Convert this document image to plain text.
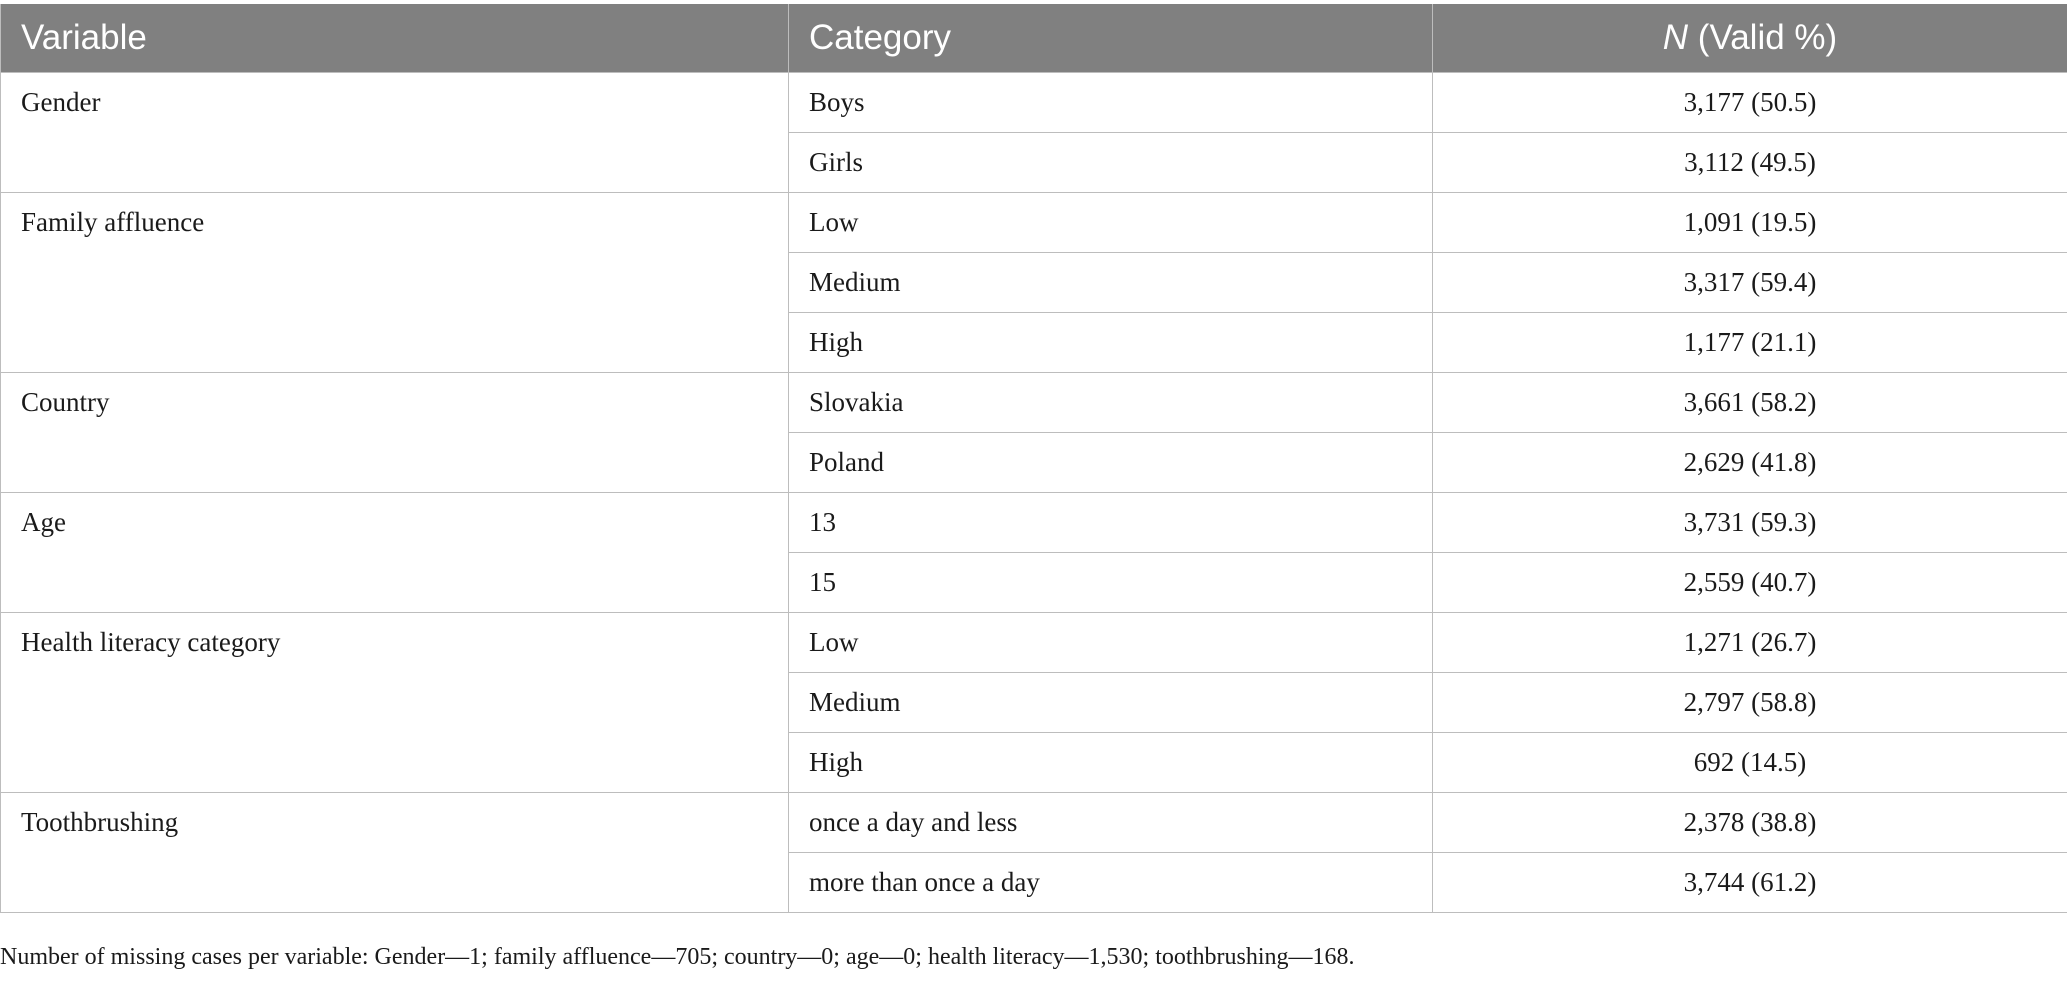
Variable	Category	N (Valid %)
Gender	Boys	3,177 (50.5)
	Girls	3,112 (49.5)
Family affluence	Low	1,091 (19.5)
	Medium	3,317 (59.4)
	High	1,177 (21.1)
Country	Slovakia	3,661 (58.2)
	Poland	2,629 (41.8)
Age	13	3,731 (59.3)
	15	2,559 (40.7)
Health literacy category	Low	1,271 (26.7)
	Medium	2,797 (58.8)
	High	692 (14.5)
Toothbrushing	once a day and less	2,378 (38.8)
	more than once a day	3,744 (61.2)
Number of missing cases per variable: Gender—1; family affluence—705; country—0; age—0; health literacy—1,530; toothbrushing—168.
